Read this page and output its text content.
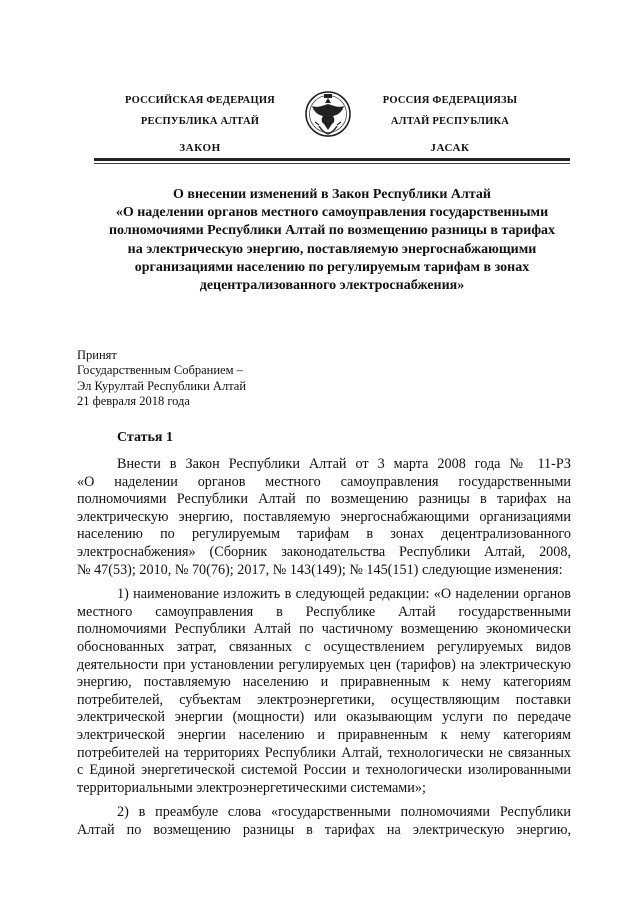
РОССИЙСКАЯ ФЕДЕРАЦИЯ
РЕСПУБЛИКА АЛТАЙ
ЗАКОН
РОССИЯ ФЕДЕРАЦИЯЗЫ
АЛТАЙ РЕСПУБЛИКА
JАСАК
О внесении изменений в Закон Республики Алтай
«О наделении органов местного самоуправления государственными
полномочиями Республики Алтай по возмещению разницы в тарифах
на электрическую энергию, поставляемую энергоснабжающими
организациями населению по регулируемым тарифам в зонах
децентрализованного электроснабжения»
Принят
Государственным Собранием –
Эл Курултай Республики Алтай
21 февраля 2018 года
Статья 1
Внести в Закон Республики Алтай от 3 марта 2008 года № 11-РЗ
«О наделении органов местного самоуправления государственными
полномочиями Республики Алтай по возмещению разницы в тарифах на
электрическую энергию, поставляемую энергоснабжающими организациями
населению по регулируемым тарифам в зонах децентрализованного
электроснабжения» (Сборник законодательства Республики Алтай, 2008,
№ 47(53); 2010, № 70(76); 2017, № 143(149); № 145(151) следующие изменения:
1) наименование изложить в следующей редакции: «О наделении органов
местного самоуправления в Республике Алтай государственными
полномочиями Республики Алтай по частичному возмещению экономически
обоснованных затрат, связанных с осуществлением регулируемых видов
деятельности при установлении регулируемых цен (тарифов) на электрическую
энергию, поставляемую населению и приравненным к нему категориям
потребителей, субъектам электроэнергетики, осуществляющим поставки
электрической энергии (мощности) или оказывающим услуги по передаче
электрической энергии населению и приравненным к нему категориям
потребителей на территориях Республики Алтай, технологически не связанных
с Единой энергетической системой России и технологически изолированными
территориальными электроэнергетическими системами»;
2) в преамбуле слова «государственными полномочиями Республики
Алтай по возмещению разницы в тарифах на электрическую энергию,
